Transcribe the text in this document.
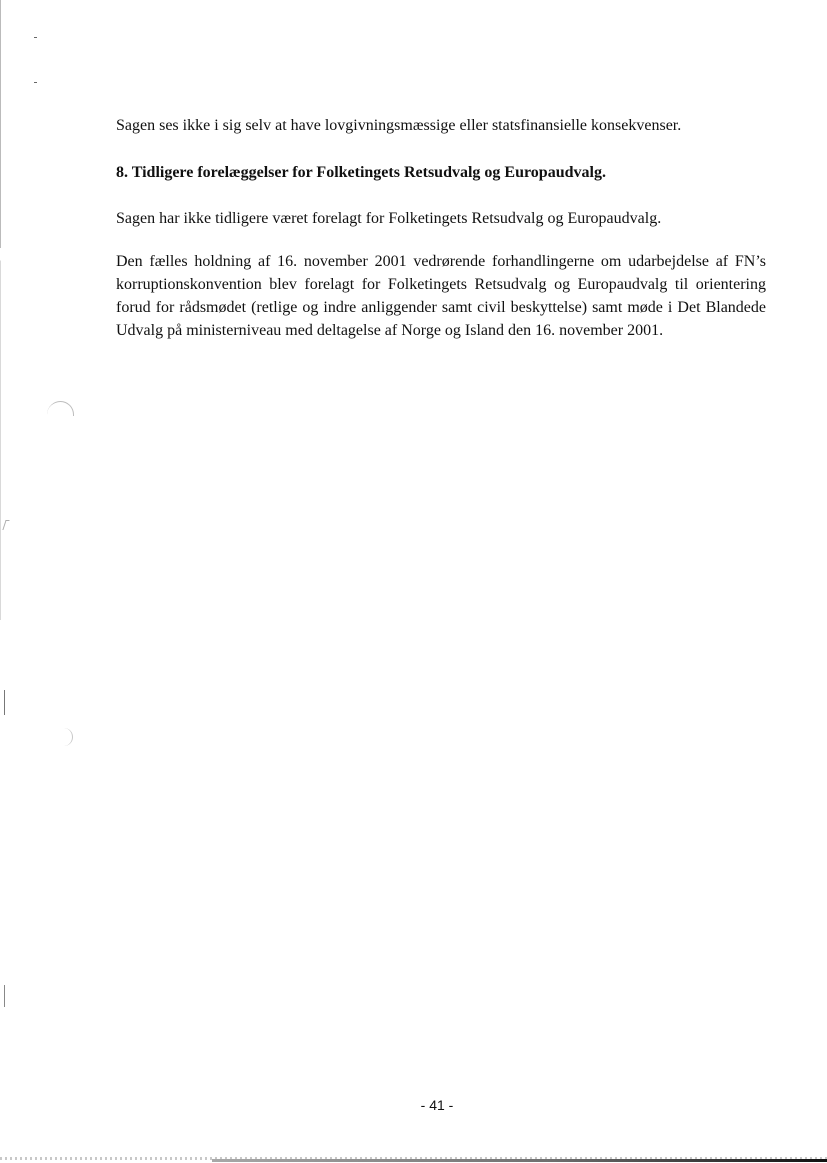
Sagen ses ikke i sig selv at have lovgivningsmæssige eller statsfinansielle konsekvenser.

8. Tidligere forelæggelser for Folketingets Retsudvalg og Europaudvalg.

Sagen har ikke tidligere været forelagt for Folketingets Retsudvalg og Europaudvalg.

Den fælles holdning af 16. november 2001 vedrørende forhandlingerne om udarbejdelse af FN’s korruptionskonvention blev forelagt for Folketingets Retsudvalg og Europaudvalg til orientering forud for rådsmødet (retlige og indre anliggender samt civil beskyttelse) samt møde i Det Blandede Udvalg på ministerniveau med deltagelse af Norge og Island den 16. november 2001.

- 41 -
